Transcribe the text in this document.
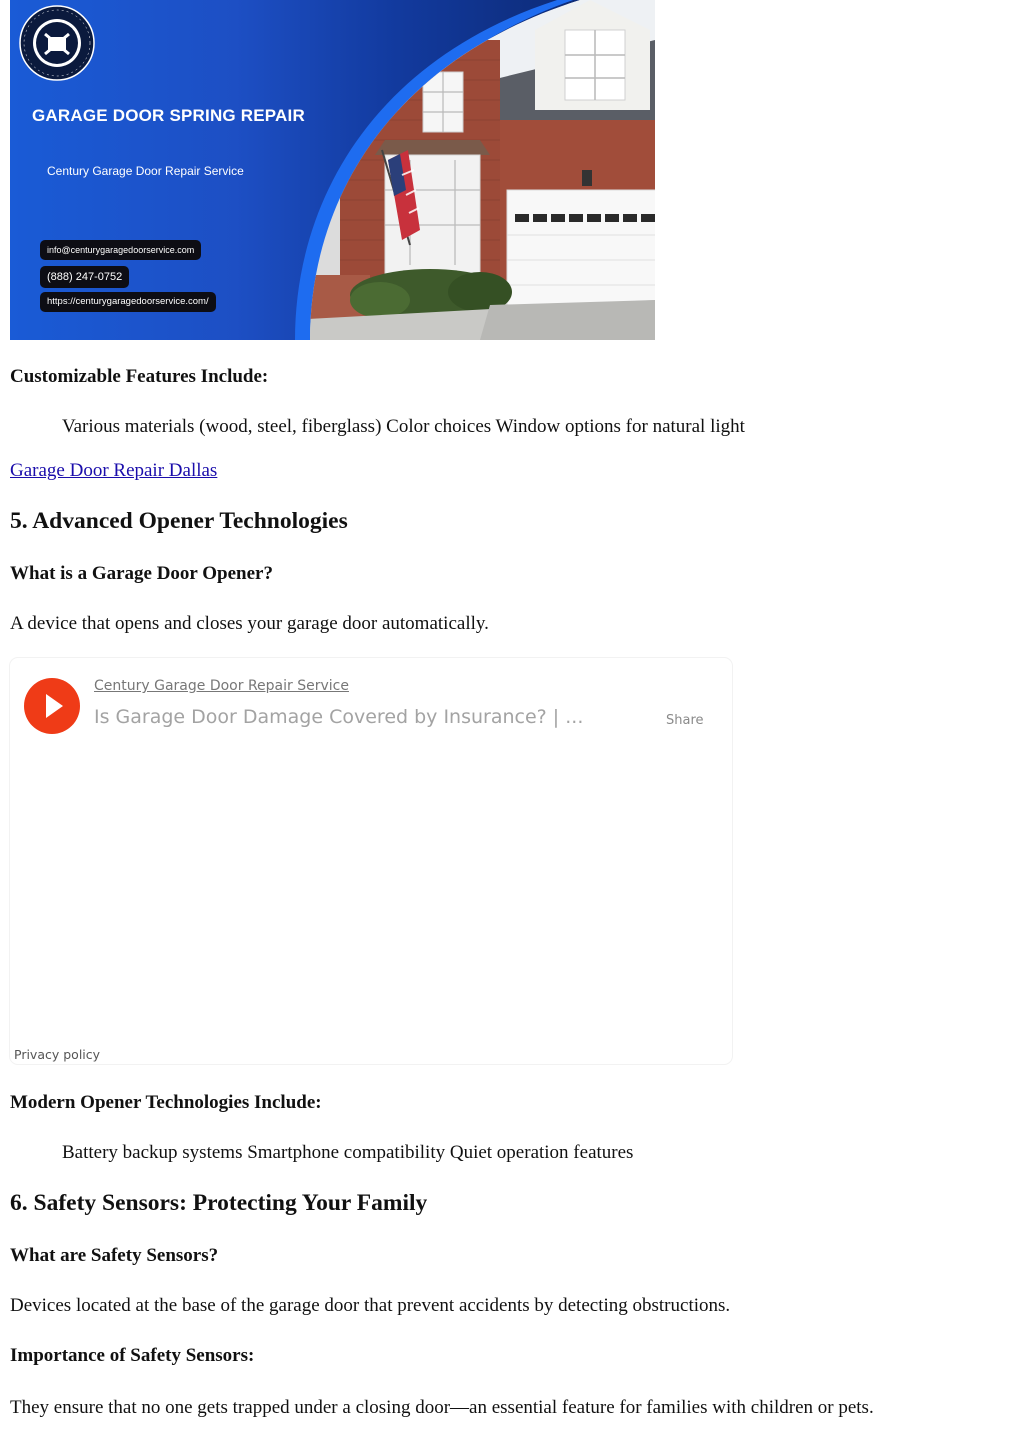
GARAGE DOOR SPRING REPAIR
Century Garage Door Repair Service
info@centurygaragedoorservice.com
(888) 247-0752
https://centurygaragedoorservice.com/
Customizable Features Include:
Various materials (wood, steel, fiberglass) Color choices Window options for natural light
Garage Door Repair Dallas
5. Advanced Opener Technologies
What is a Garage Door Opener?
A device that opens and closes your garage door automatically.
Century Garage Door Repair Service
Is Garage Door Damage Covered by Insurance? | ...	Share
Privacy policy
Modern Opener Technologies Include:
Battery backup systems Smartphone compatibility Quiet operation features
6. Safety Sensors: Protecting Your Family
What are Safety Sensors?
Devices located at the base of the garage door that prevent accidents by detecting obstructions.
Importance of Safety Sensors:
They ensure that no one gets trapped under a closing door—an essential feature for families with children or pets.
